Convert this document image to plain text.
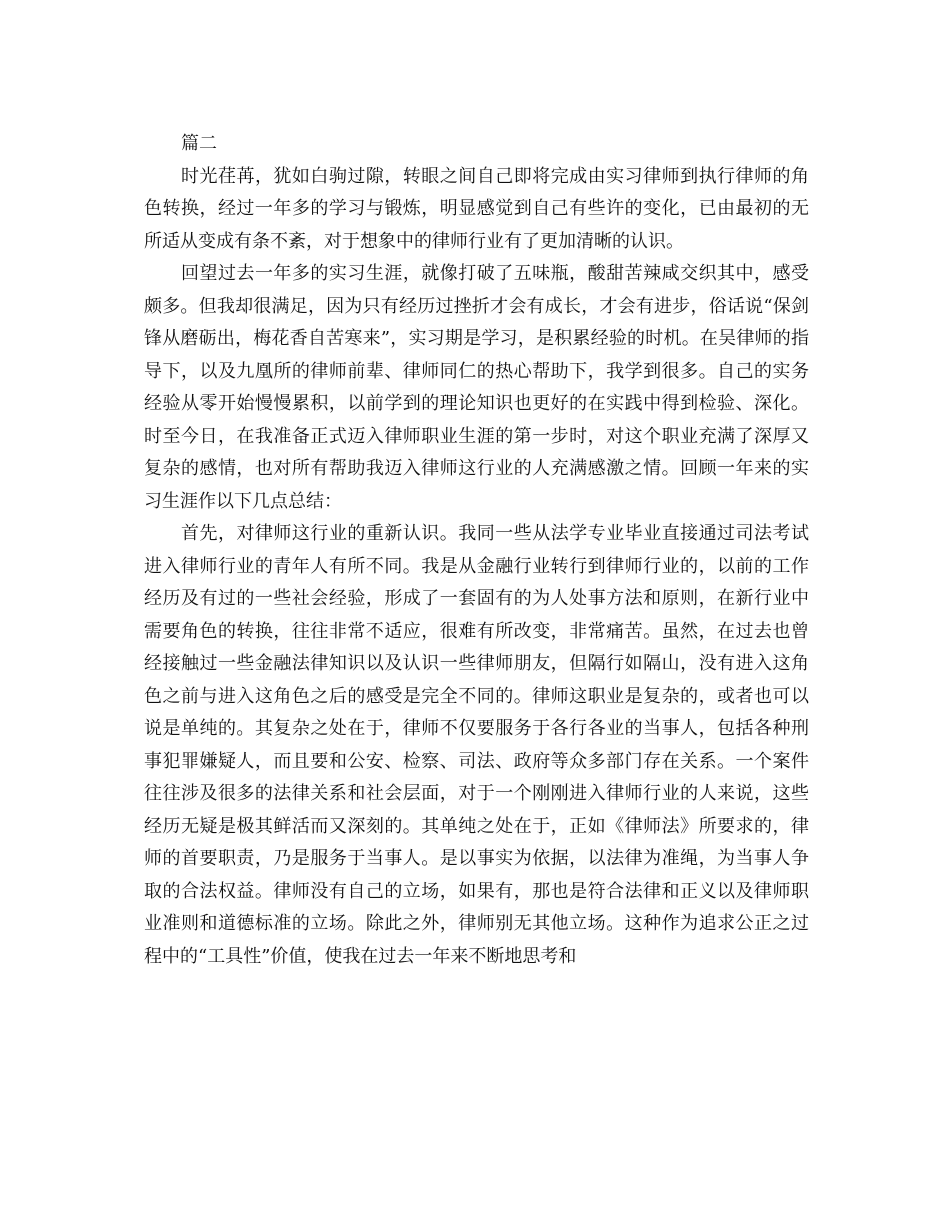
篇二

时光荏苒，犹如白驹过隙，转眼之间自己即将完成由实习律师到执行律师的角色转换，经过一年多的学习与锻炼，明显感觉到自己有些许的变化，已由最初的无所适从变成有条不紊，对于想象中的律师行业有了更加清晰的认识。

回望过去一年多的实习生涯，就像打破了五味瓶，酸甜苦辣咸交织其中，感受颇多。但我却很满足，因为只有经历过挫折才会有成长，才会有进步，俗话说“保剑锋从磨砺出，梅花香自苦寒来”，实习期是学习，是积累经验的时机。在吴律师的指导下，以及九凰所的律师前辈、律师同仁的热心帮助下，我学到很多。自己的实务经验从零开始慢慢累积，以前学到的理论知识也更好的在实践中得到检验、深化。时至今日，在我准备正式迈入律师职业生涯的第一步时，对这个职业充满了深厚又复杂的感情，也对所有帮助我迈入律师这行业的人充满感激之情。回顾一年来的实习生涯作以下几点总结：

首先，对律师这行业的重新认识。我同一些从法学专业毕业直接通过司法考试进入律师行业的青年人有所不同。我是从金融行业转行到律师行业的，以前的工作经历及有过的一些社会经验，形成了一套固有的为人处事方法和原则，在新行业中需要角色的转换，往往非常不适应，很难有所改变，非常痛苦。虽然，在过去也曾经接触过一些金融法律知识以及认识一些律师朋友，但隔行如隔山，没有进入这角色之前与进入这角色之后的感受是完全不同的。律师这职业是复杂的，或者也可以说是单纯的。其复杂之处在于，律师不仅要服务于各行各业的当事人，包括各种刑事犯罪嫌疑人，而且要和公安、检察、司法、政府等众多部门存在关系。一个案件往往涉及很多的法律关系和社会层面，对于一个刚刚进入律师行业的人来说，这些经历无疑是极其鲜活而又深刻的。其单纯之处在于，正如《律师法》所要求的，律师的首要职责，乃是服务于当事人。是以事实为依据，以法律为准绳，为当事人争取的合法权益。律师没有自己的立场，如果有，那也是符合法律和正义以及律师职业准则和道德标准的立场。除此之外，律师别无其他立场。这种作为追求公正之过程中的“工具性”价值，使我在过去一年来不断地思考和
